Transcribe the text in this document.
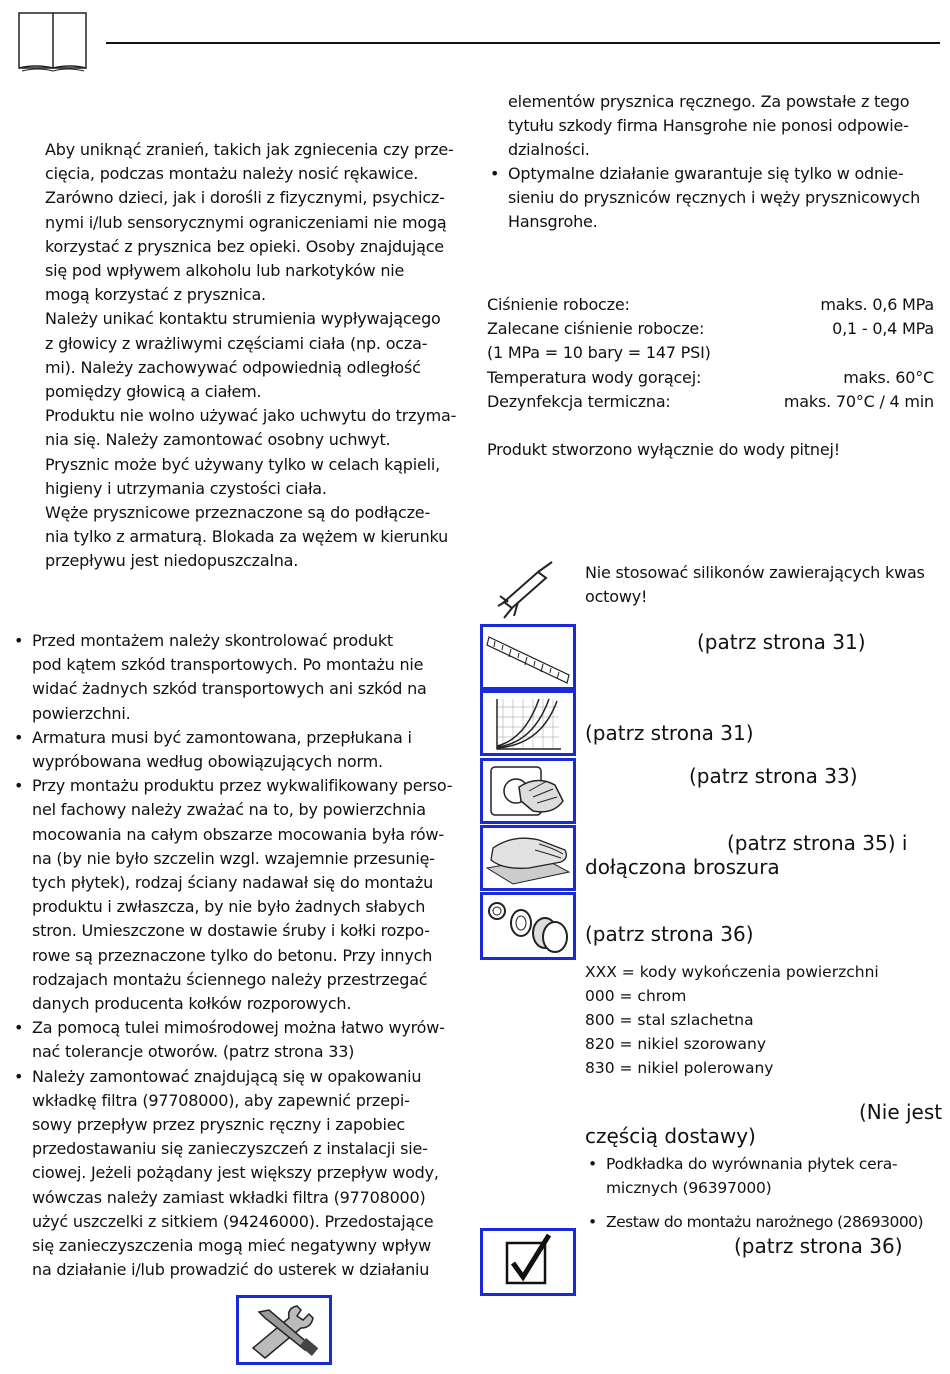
Aby uniknąć zranień, takich jak zgniecenia czy prze-
cięcia, podczas montażu należy nosić rękawice.
Zarówno dzieci, jak i dorośli z fizycznymi, psychicz-
nymi i/lub sensorycznymi ograniczeniami nie mogą
korzystać z prysznica bez opieki. Osoby znajdujące
się pod wpływem alkoholu lub narkotyków nie
mogą korzystać z prysznica.
Należy unikać kontaktu strumienia wypływającego
z głowicy z wrażliwymi częściami ciała (np. ocza-
mi). Należy zachowywać odpowiednią odległość
pomiędzy głowicą a ciałem.
Produktu nie wolno używać jako uchwytu do trzyma-
nia się. Należy zamontować osobny uchwyt.
Prysznic może być używany tylko w celach kąpieli,
higieny i utrzymania czystości ciała.
Węże prysznicowe przeznaczone są do podłącze-
nia tylko z armaturą. Blokada za wężem w kierunku
przepływu jest niedopuszczalna.
• Przed montażem należy skontrolować produkt
pod kątem szkód transportowych. Po montażu nie
widać żadnych szkód transportowych ani szkód na
powierzchni.
• Armatura musi być zamontowana, przepłukana i
wypróbowana według obowiązujących norm.
• Przy montażu produktu przez wykwalifikowany perso-
nel fachowy należy zważać na to, by powierzchnia
mocowania na całym obszarze mocowania była rów-
na (by nie było szczelin wzgl. wzajemnie przesunię-
tych płytek), rodzaj ściany nadawał się do montażu
produktu i zwłaszcza, by nie było żadnych słabych
stron. Umieszczone w dostawie śruby i kołki rozpo-
rowe są przeznaczone tylko do betonu. Przy innych
rodzajach montażu ściennego należy przestrzegać
danych producenta kołków rozporowych.
• Za pomocą tulei mimośrodowej można łatwo wyrów-
nać tolerancje otworów. (patrz strona 33)
• Należy zamontować znajdującą się w opakowaniu
wkładkę filtra (97708000), aby zapewnić przepi-
sowy przepływ przez prysznic ręczny i zapobiec
przedostawaniu się zanieczyszczeń z instalacji sie-
ciowej. Jeżeli pożądany jest większy przepływ wody,
wówczas należy zamiast wkładki filtra (97708000)
użyć uszczelki z sitkiem (94246000). Przedostające
się zanieczyszczenia mogą mieć negatywny wpływ
na działanie i/lub prowadzić do usterek w działaniu
elementów prysznica ręcznego. Za powstałe z tego
tytułu szkody firma Hansgrohe nie ponosi odpowie-
dzialności.
• Optymalne działanie gwarantuje się tylko w odnie-
sieniu do pryszniców ręcznych i węży prysznicowych
Hansgrohe.
Ciśnienie robocze:	maks. 0,6 MPa
Zalecane ciśnienie robocze:	0,1 - 0,4 MPa
(1 MPa = 10 bary = 147 PSI)
Temperatura wody gorącej:	maks. 60°C
Dezynfekcja termiczna:	maks. 70°C / 4 min
Produkt stworzono wyłącznie do wody pitnej!
Nie stosować silikonów zawierających kwas
octowy!
(patrz strona 31)
(patrz strona 31)
(patrz strona 33)
(patrz strona 35) i
dołączona broszura
(patrz strona 36)
XXX = kody wykończenia powierzchni
000 = chrom
800 = stal szlachetna
820 = nikiel szorowany
830 = nikiel polerowany
(Nie jest
częścią dostawy)
• Podkładka do wyrównania płytek cera-
micznych (96397000)
• Zestaw do montażu narożnego (28693000)
(patrz strona 36)
